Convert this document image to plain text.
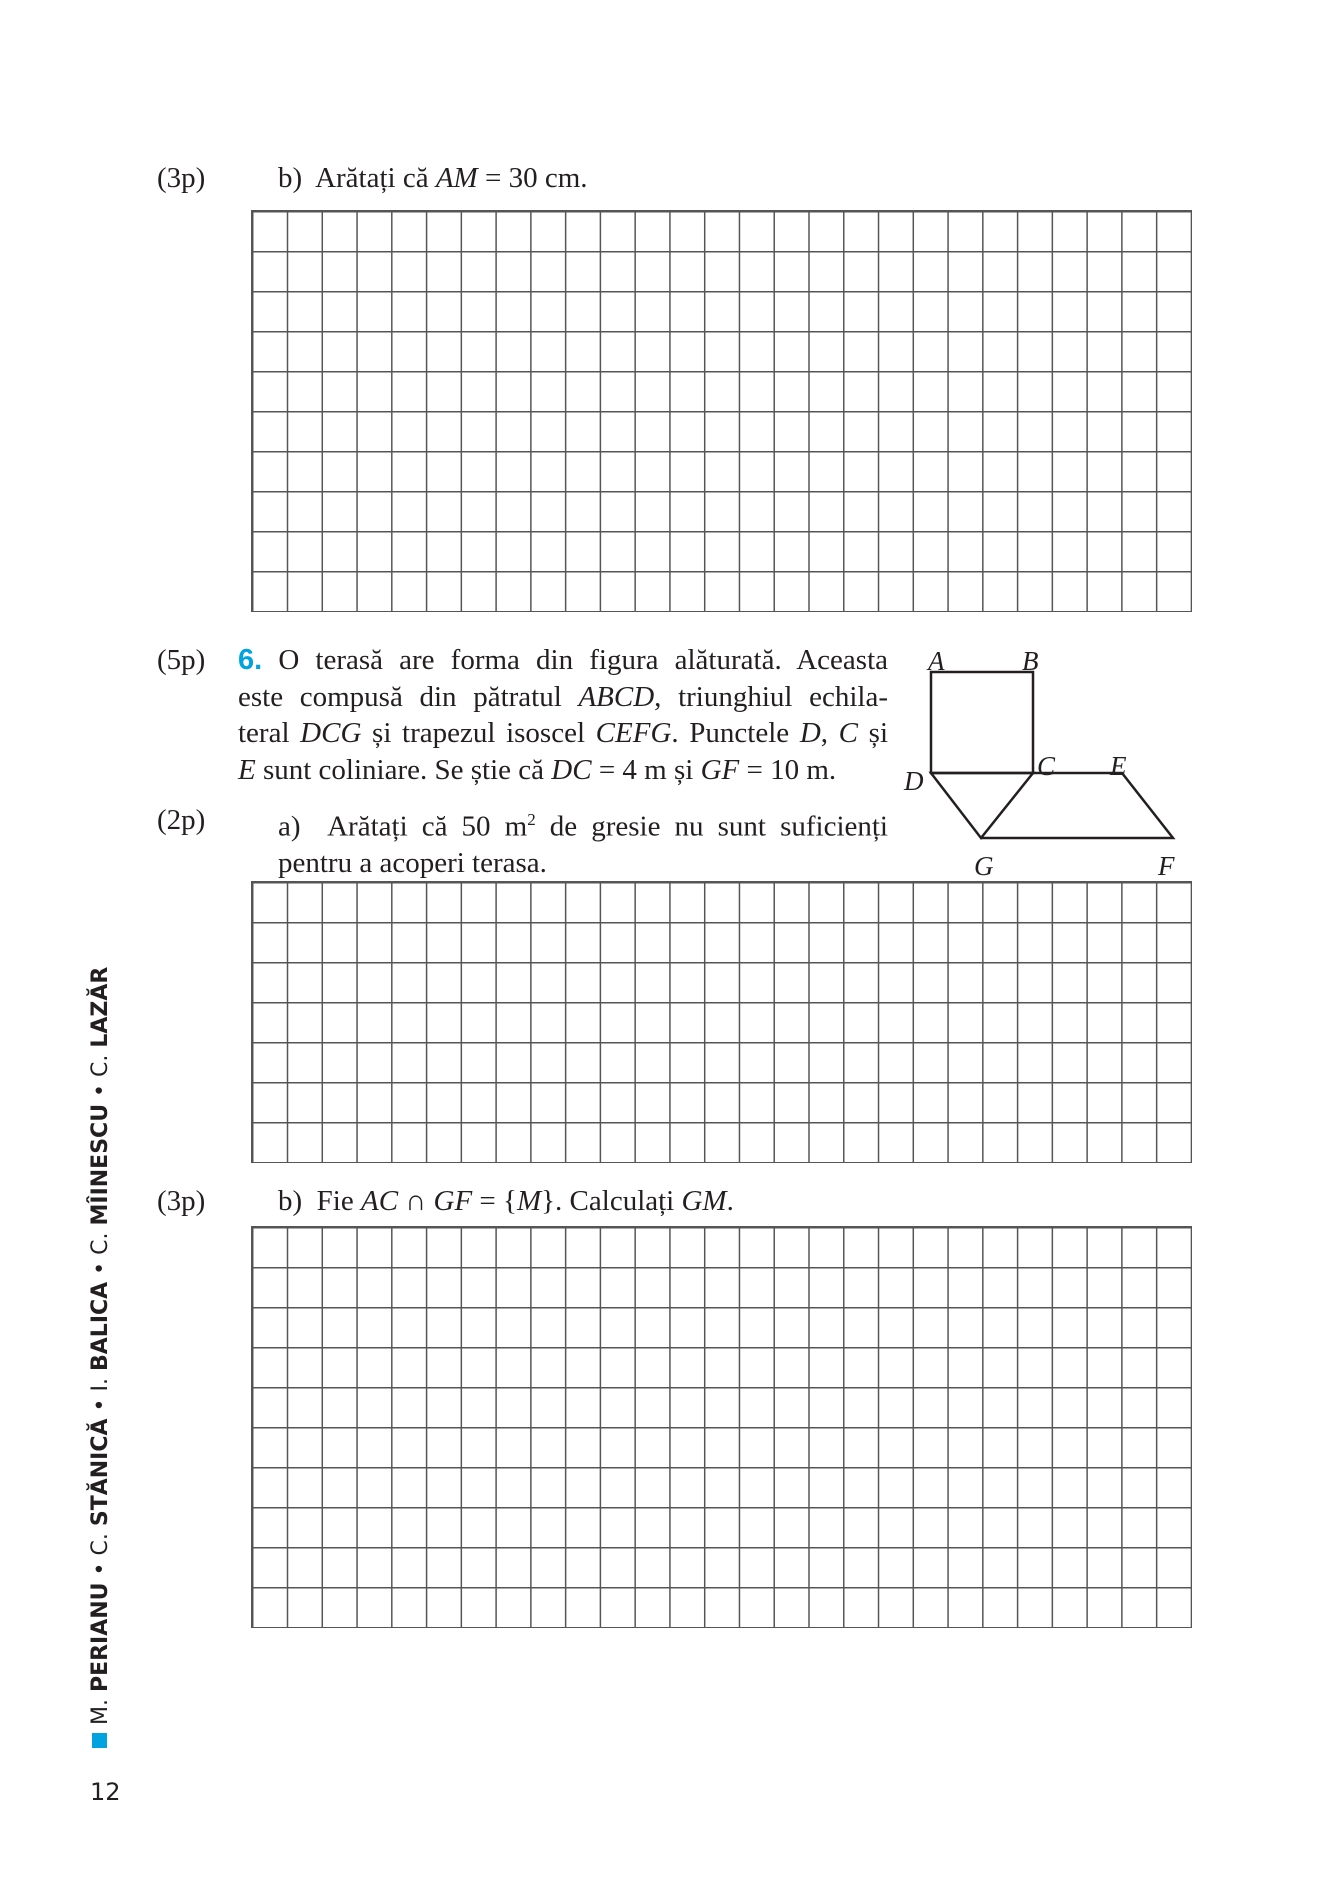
(3p)	b) Arătați că AM = 30 cm.
(5p) 6. O terasă are forma din figura alăturată. Aceasta
este compusă din pătratul ABCD, triunghiul echila-
teral DCG și trapezul isoscel CEFG. Punctele D, C și
E sunt coliniare. Se știe că DC = 4 m și GF = 10 m.
(2p)	a) Arătați că 50 $m^2$ de gresie nu sunt suficienți
pentru a acoperi terasa.
A	B
C
D	E
G	F
(3p)	b) Fie AC ∩ GF = {M}. Calculați GM.
M. PERIANU • C. STĂNICĂ • I. BALICA • C. MÎINESCU • C. LAZĂR
12
